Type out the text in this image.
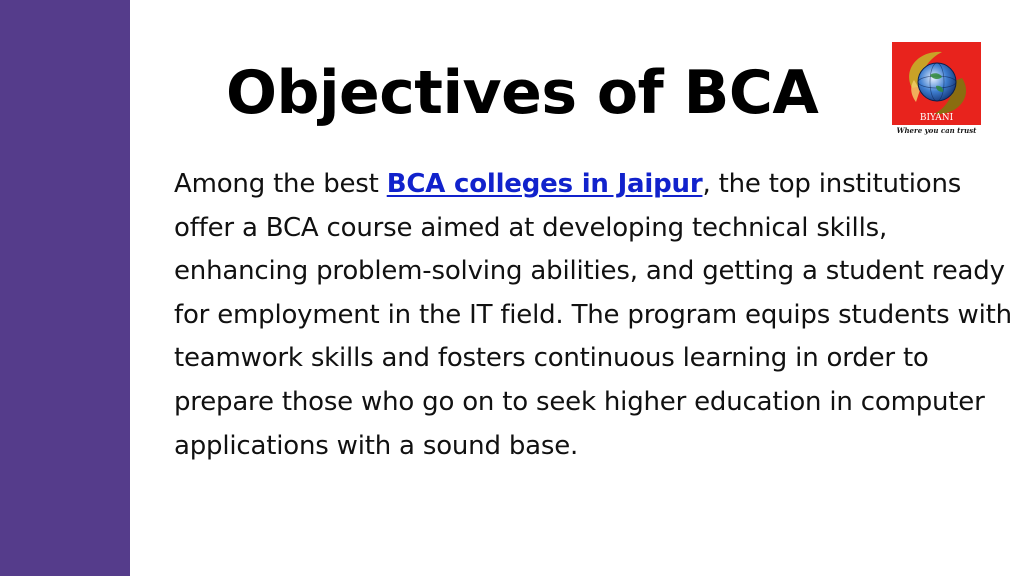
Objectives of BCA	BIYANI
Where you can trust
Among the best BCA colleges in Jaipur, the top institutions offer a BCA course aimed at developing technical skills, enhancing problem-solving abilities, and getting a student ready for employment in the IT field. The program equips students with teamwork skills and fosters continuous learning in order to prepare those who go on to seek higher education in computer applications with a sound base.
